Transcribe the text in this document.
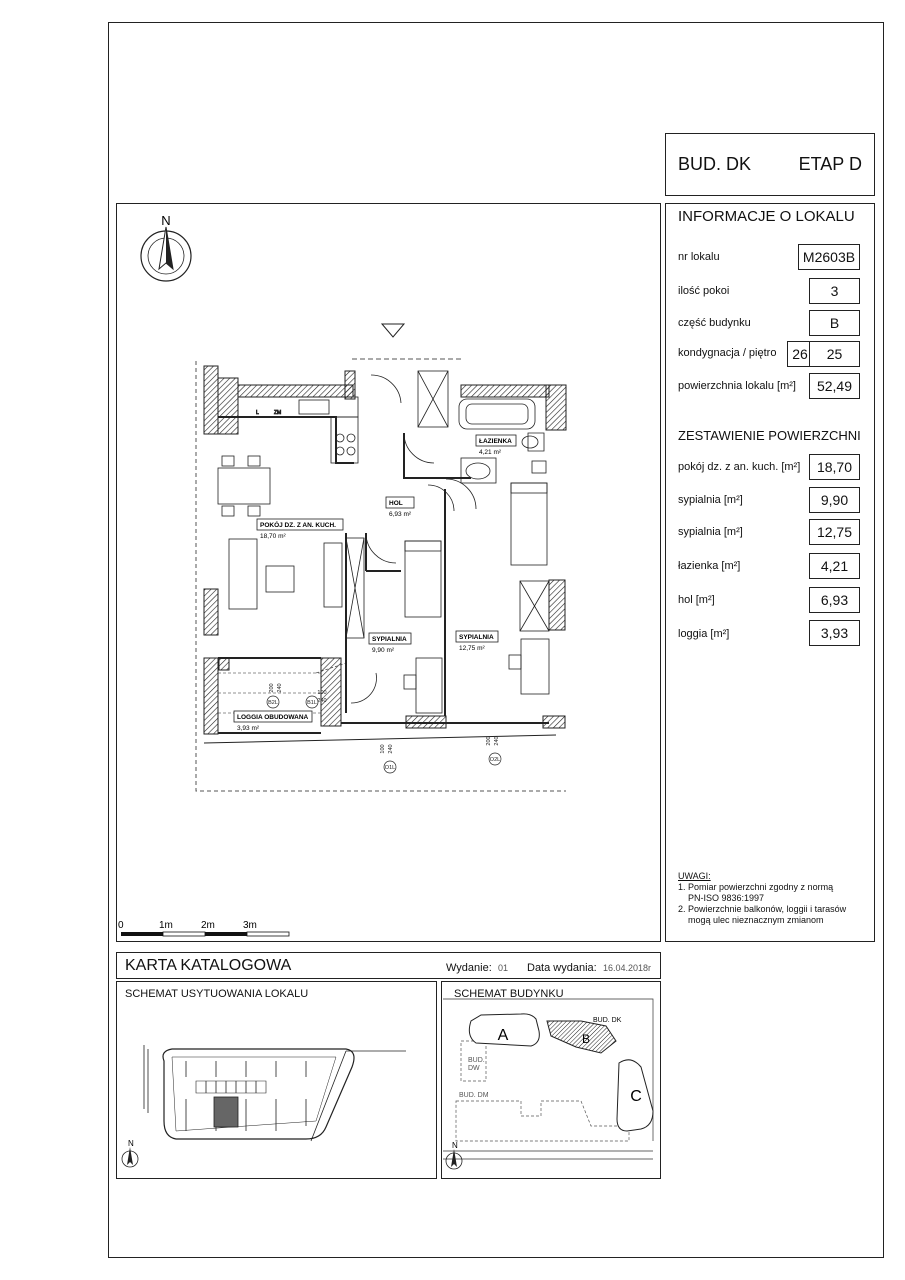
BUD. DK	ETAP D
INFORMACJE O LOKALU
nr lokalu	M2603B
ilość pokoi	3
część budynku	B
kondygnacja / piętro	26	25
powierzchnia lokalu [m²]	52,49
ZESTAWIENIE POWIERZCHNI
pokój dz. z an. kuch. [m²]	18,70
sypialnia [m²]	9,90
sypialnia [m²]	12,75
łazienka [m²]	4,21
hol [m²]	6,93
loggia [m²]	3,93
UWAGI:
1. Pomiar powierzchni zgodny z normą
PN-ISO 9836:1997
2. Powierzchnie balkonów, loggii i tarasów
mogą ulec nieznacznym zmianom
N
L	ZM
POKÓJ DZ. Z AN. KUCH.
18,70 m²
HOL
6,93 m²
ŁAZIENKA
4,21 m²
SYPIALNIA
9,90 m²
SYPIALNIA
12,75 m²
LOGGIA OBUDOWANA
3,93 m²
B2L
200 240
B1L
100
240
O1L
100 240
O2L
200 240
0	1m	2m	3m
KARTA KATALOGOWA	Wydanie: 01 Data wydania: 16.04.2018r
SCHEMAT USYTUOWANIA LOKALU
N
SCHEMAT BUDYNKU
A	B
C
BUD. DK
BUD.
DW
BUD. DM
N
